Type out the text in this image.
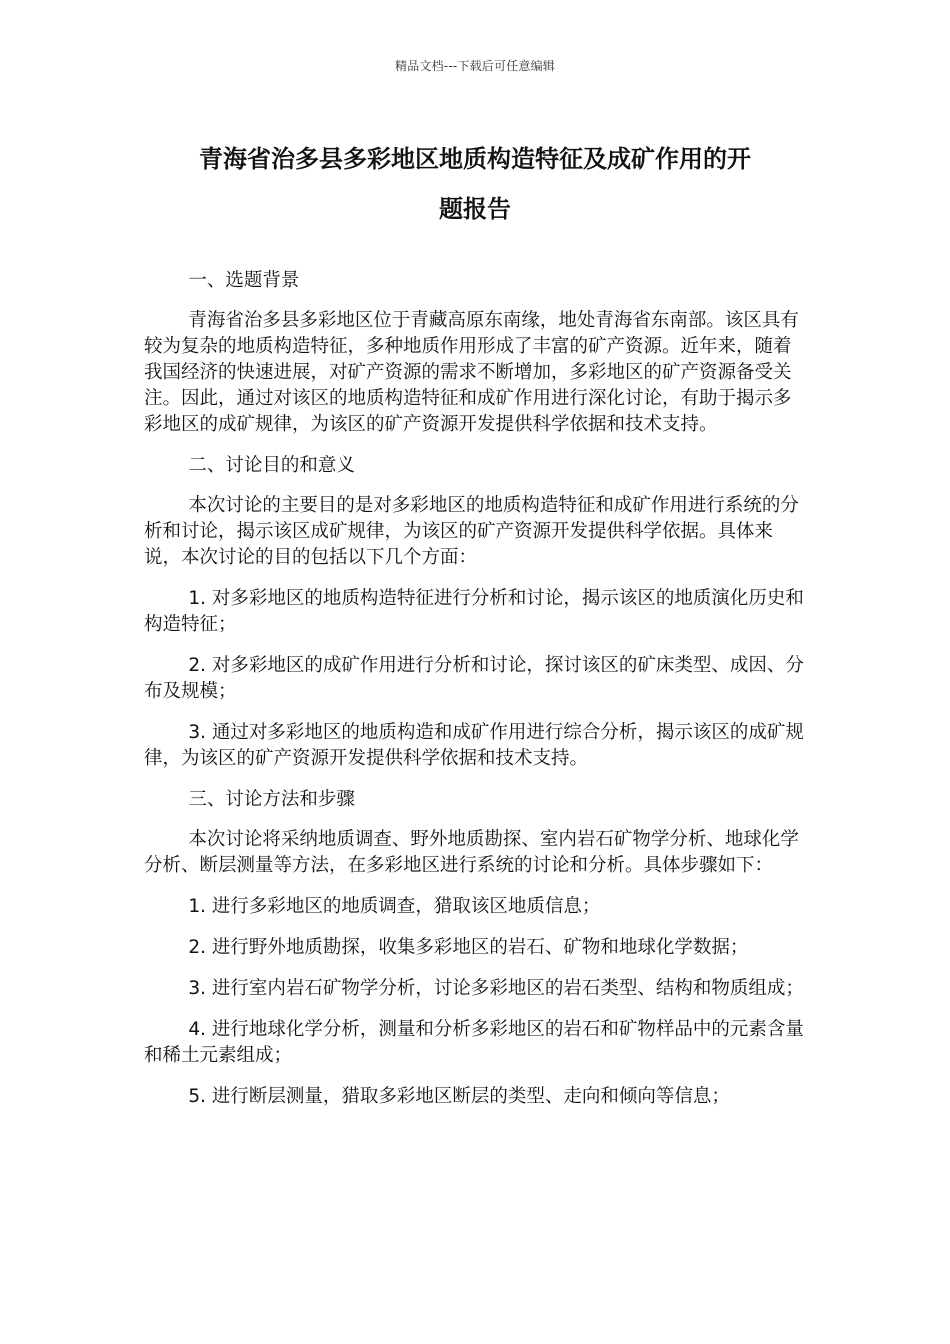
精品文档---下载后可任意编辑
青海省治多县多彩地区地质构造特征及成矿作用的开
题报告

一、选题背景

青海省治多县多彩地区位于青藏高原东南缘，地处青海省东南部。该区具有较为复杂的地质构造特征，多种地质作用形成了丰富的矿产资源。近年来，随着我国经济的快速进展，对矿产资源的需求不断增加，多彩地区的矿产资源备受关注。因此，通过对该区的地质构造特征和成矿作用进行深化讨论，有助于揭示多彩地区的成矿规律，为该区的矿产资源开发提供科学依据和技术支持。

二、讨论目的和意义

本次讨论的主要目的是对多彩地区的地质构造特征和成矿作用进行系统的分析和讨论，揭示该区成矿规律，为该区的矿产资源开发提供科学依据。具体来说，本次讨论的目的包括以下几个方面：

1. 对多彩地区的地质构造特征进行分析和讨论，揭示该区的地质演化历史和构造特征；

2. 对多彩地区的成矿作用进行分析和讨论，探讨该区的矿床类型、成因、分布及规模；

3. 通过对多彩地区的地质构造和成矿作用进行综合分析，揭示该区的成矿规律，为该区的矿产资源开发提供科学依据和技术支持。

三、讨论方法和步骤

本次讨论将采纳地质调查、野外地质勘探、室内岩石矿物学分析、地球化学分析、断层测量等方法，在多彩地区进行系统的讨论和分析。具体步骤如下：

1. 进行多彩地区的地质调查，猎取该区地质信息；

2. 进行野外地质勘探，收集多彩地区的岩石、矿物和地球化学数据；

3. 进行室内岩石矿物学分析，讨论多彩地区的岩石类型、结构和物质组成；

4. 进行地球化学分析，测量和分析多彩地区的岩石和矿物样品中的元素含量和稀土元素组成；

5. 进行断层测量，猎取多彩地区断层的类型、走向和倾向等信息；
